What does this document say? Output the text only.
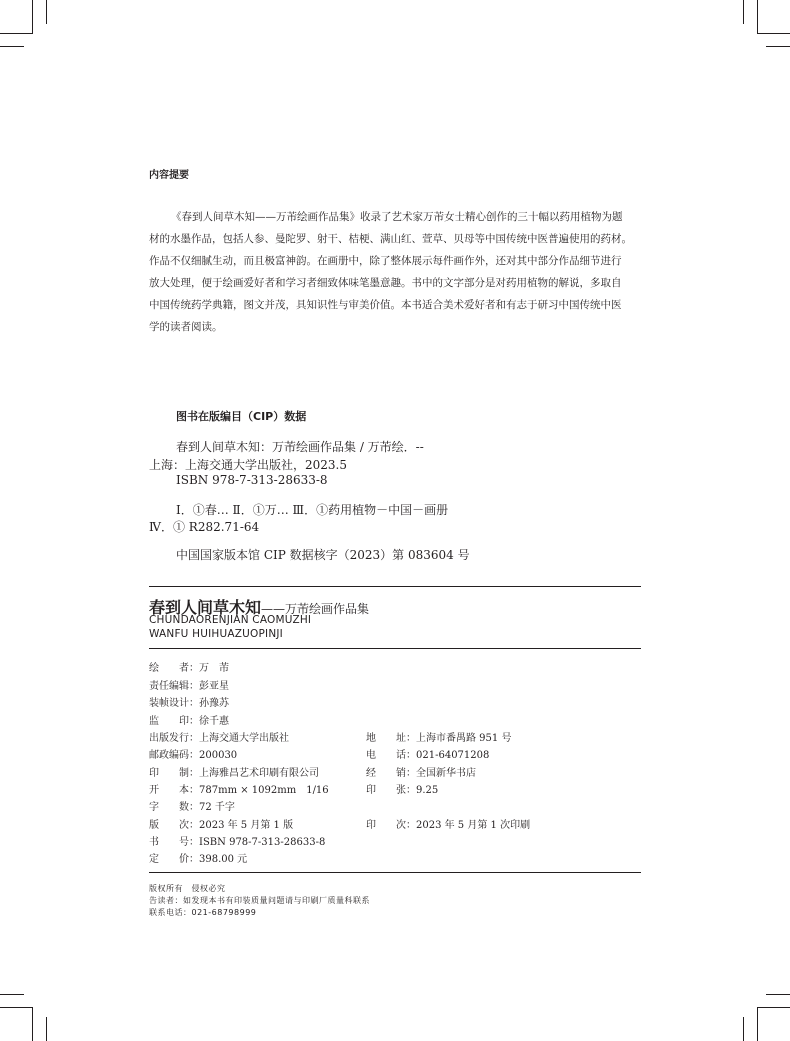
内容提要

《春到人间草木知——万芾绘画作品集》收录了艺术家万芾女士精心创作的三十幅以药用植物为题

材的水墨作品，包括人参、曼陀罗、射干、桔梗、满山红、萱草、贝母等中国传统中医普遍使用的药材。

作品不仅细腻生动，而且极富神韵。在画册中，除了整体展示每件画作外，还对其中部分作品细节进行

放大处理，便于绘画爱好者和学习者细致体味笔墨意趣。书中的文字部分是对药用植物的解说，多取自

中国传统药学典籍，图文并茂，具知识性与审美价值。本书适合美术爱好者和有志于研习中国传统中医

学的读者阅读。

图书在版编目（CIP）数据
春到人间草木知：万芾绘画作品集 / 万芾绘．--
上海：上海交通大学出版社，2023.5
ISBN 978-7-313-28633-8
Ⅰ．①春… Ⅱ．①万… Ⅲ．①药用植物－中国－画册
Ⅳ．① R282.71-64
中国国家版本馆 CIP 数据核字（2023）第 083604 号
春到人间草木知——万芾绘画作品集
CHUNDAORENJIAN CAOMUZHI
WANFU HUIHUAZUOPINJI
绘　　者：万　芾
责任编辑：彭亚星
装帧设计：孙豫苏
监　　印：徐千惠
出版发行：上海交通大学出版社	地　　址：上海市番禺路 951 号
邮政编码：200030	电　　话：021-64071208
印　　制：上海雅昌艺术印刷有限公司	经　　销：全国新华书店
开　　本：787mm × 1092mm　1/16	印　　张：9.25
字　　数：72 千字
版　　次：2023 年 5 月第 1 版	印　　次：2023 年 5 月第 1 次印刷
书　　号：ISBN 978-7-313-28633-8
定　　价：398.00 元
版权所有　侵权必究
告读者：如发现本书有印装质量问题请与印刷厂质量科联系
联系电话：021-68798999
